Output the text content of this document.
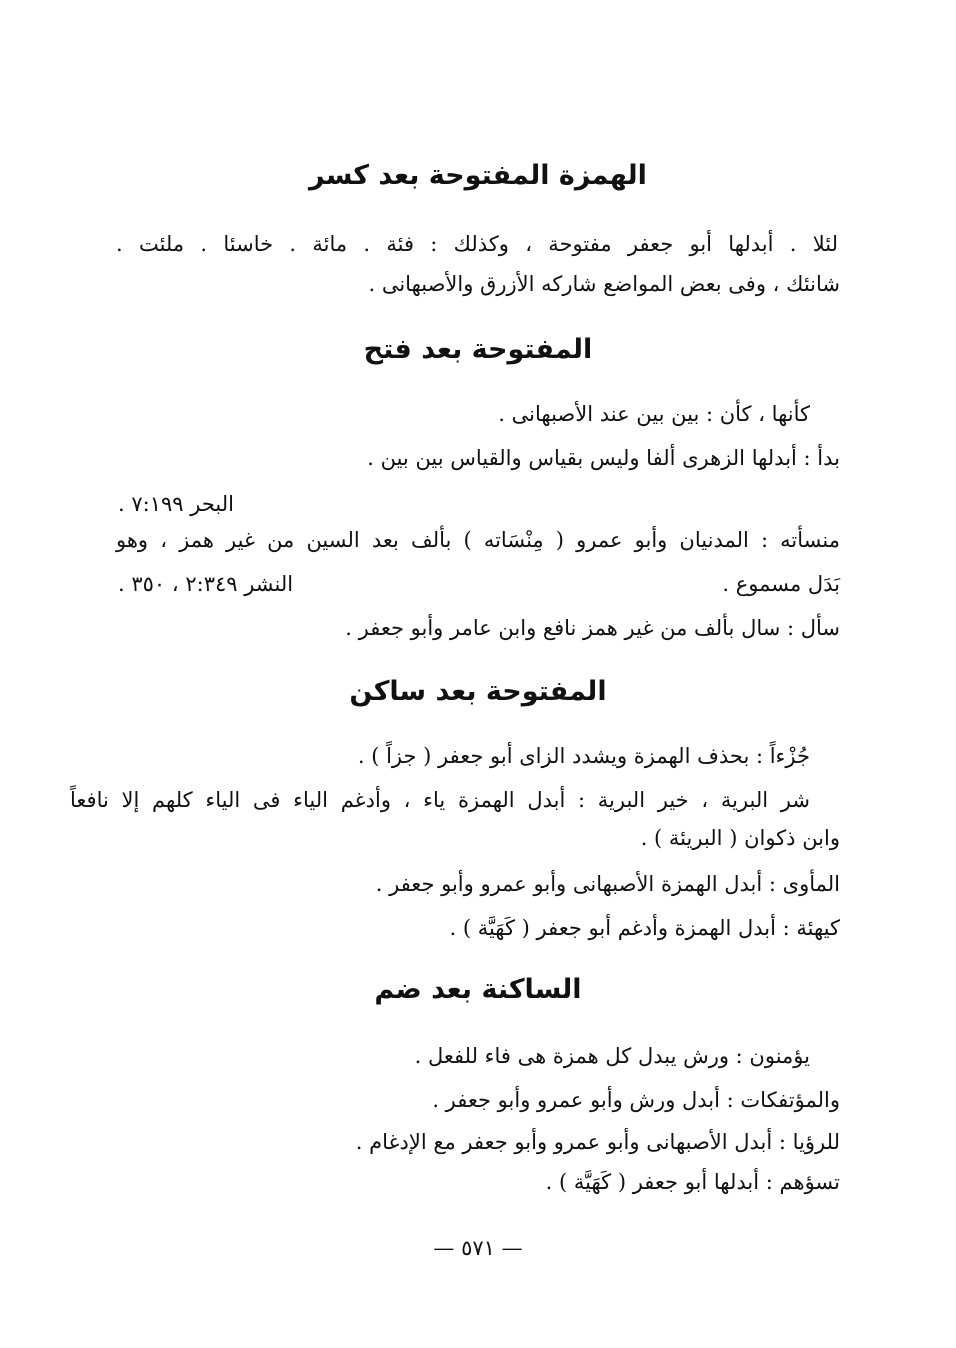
الهمزة المفتوحة بعد كسر
لئلا . أبدلها أبو جعفر مفتوحة ، وكذلك : فئة . مائة . خاسئا . ملئت .
شانئك ، وفى بعض المواضع شاركه الأزرق والأصبهانى .
المفتوحة بعد فتح
كأنها ، كأن : بين بين عند الأصبهانى .
بدأ : أبدلها الزهرى ألفا وليس بقياس والقياس بين بين .
البحر ٧:١٩٩ .
منسأته : المدنيان وأبو عمرو ( مِنْسَاته ) بألف بعد السين من غير همز ، وهو
بَدَل مسموع .
النشر ٢:٣٤٩ ، ٣٥٠ .
سأل : سال بألف من غير همز نافع وابن عامر وأبو جعفر .
المفتوحة بعد ساكن
جُزْءاً : بحذف الهمزة ويشدد الزاى أبو جعفر ( جزاً ) .
شر البرية ، خير البرية : أبدل الهمزة ياء ، وأدغم الياء فى الياء كلهم إلا نافعاً
وابن ذكوان ( البريئة ) .
المأوى : أبدل الهمزة الأصبهانى وأبو عمرو وأبو جعفر .
كيهئة : أبدل الهمزة وأدغم أبو جعفر ( كَهَيَّة ) .
الساكنة بعد ضم
يؤمنون : ورش يبدل كل همزة هى فاء للفعل .
والمؤتفكات : أبدل ورش وأبو عمرو وأبو جعفر .
للرؤيا : أبدل الأصبهانى وأبو عمرو وأبو جعفر مع الإدغام .
تسؤهم : أبدلها أبو جعفر ( كَهَيَّة ) .
— ٥٧١ —
